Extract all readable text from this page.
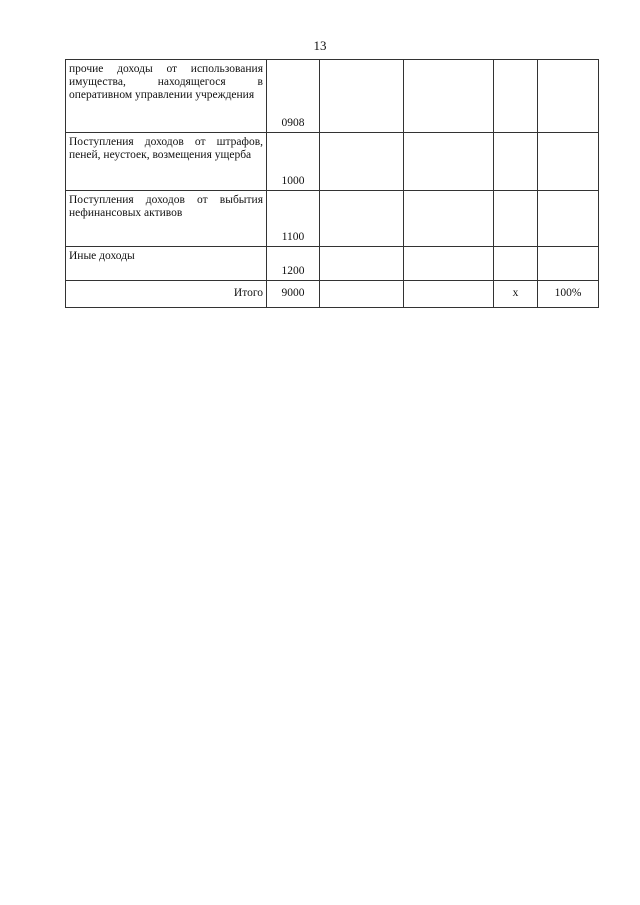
13
прочие доходы от использования имущества, находящегося в оперативном управлении учреждения	0908				

Поступления доходов от штрафов, пеней, неустоек, возмещения ущерба	1000				

Поступления доходов от выбытия нефинансовых активов	1100				

Иные доходы	1200				
Итого	9000			x	100%
